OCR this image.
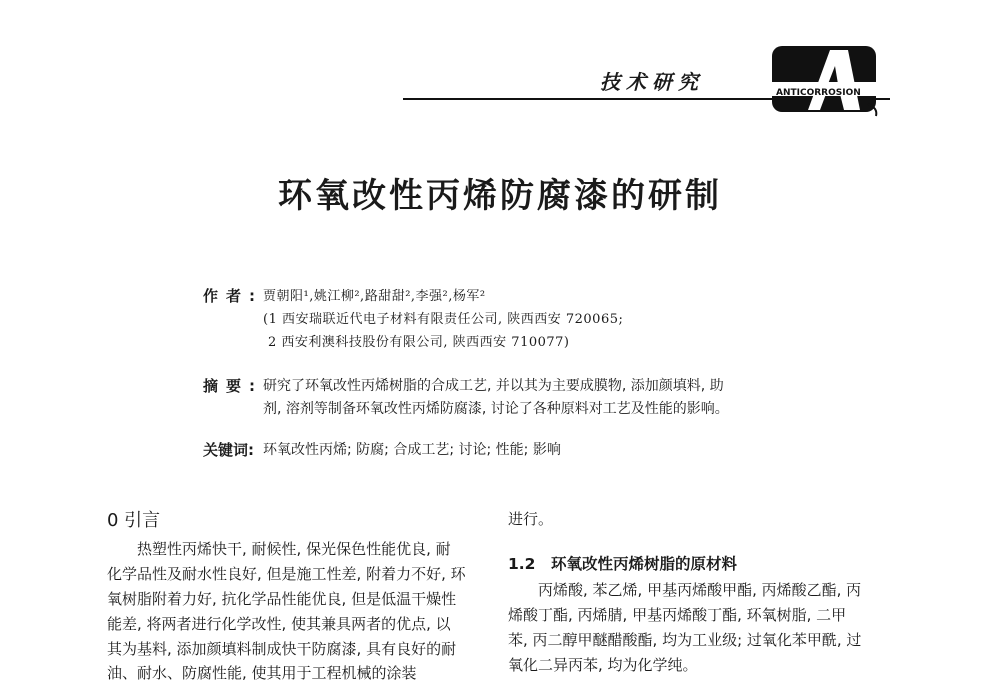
技术研究	ANTICORROSION
环氧改性丙烯防腐漆的研制
作者: 贾朝阳¹,姚江柳²,路甜甜²,李强²,杨军²
(1 西安瑞联近代电子材料有限责任公司, 陕西西安 720065;
2 西安利澳科技股份有限公司, 陕西西安 710077)
摘要: 研究了环氧改性丙烯树脂的合成工艺, 并以其为主要成膜物, 添加颜填料, 助
剂, 溶剂等制备环氧改性丙烯防腐漆, 讨论了各种原料对工艺及性能的影响。
关键词: 环氧改性丙烯; 防腐; 合成工艺; 讨论; 性能; 影响
0 引言
热塑性丙烯快干, 耐候性, 保光保色性能优良, 耐
化学品性及耐水性良好, 但是施工性差, 附着力不好, 环
氧树脂附着力好, 抗化学品性能优良, 但是低温干燥性
能差, 将两者进行化学改性, 使其兼具两者的优点, 以
其为基料, 添加颜填料制成快干防腐漆, 具有良好的耐
油、耐水、防腐性能, 使其用于工程机械的涂装
进行。
1.2　环氧改性丙烯树脂的原材料
丙烯酸, 苯乙烯, 甲基丙烯酸甲酯, 丙烯酸乙酯, 丙
烯酸丁酯, 丙烯腈, 甲基丙烯酸丁酯, 环氧树脂, 二甲
苯, 丙二醇甲醚醋酸酯, 均为工业级; 过氧化苯甲酰, 过
氧化二异丙苯, 均为化学纯。
